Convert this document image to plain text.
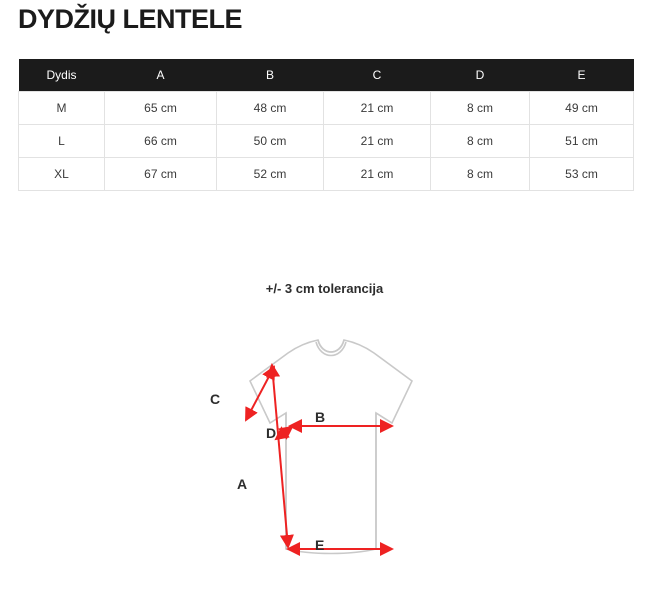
DYDŽIŲ LENTELE
Dydis	A	B	C	D	E
M	65 cm	48 cm	21 cm	8 cm	49 cm
L	66 cm	50 cm	21 cm	8 cm	51 cm
XL	67 cm	52 cm	21 cm	8 cm	53 cm
+/- 3 cm tolerancija
C
D
B
A
E
